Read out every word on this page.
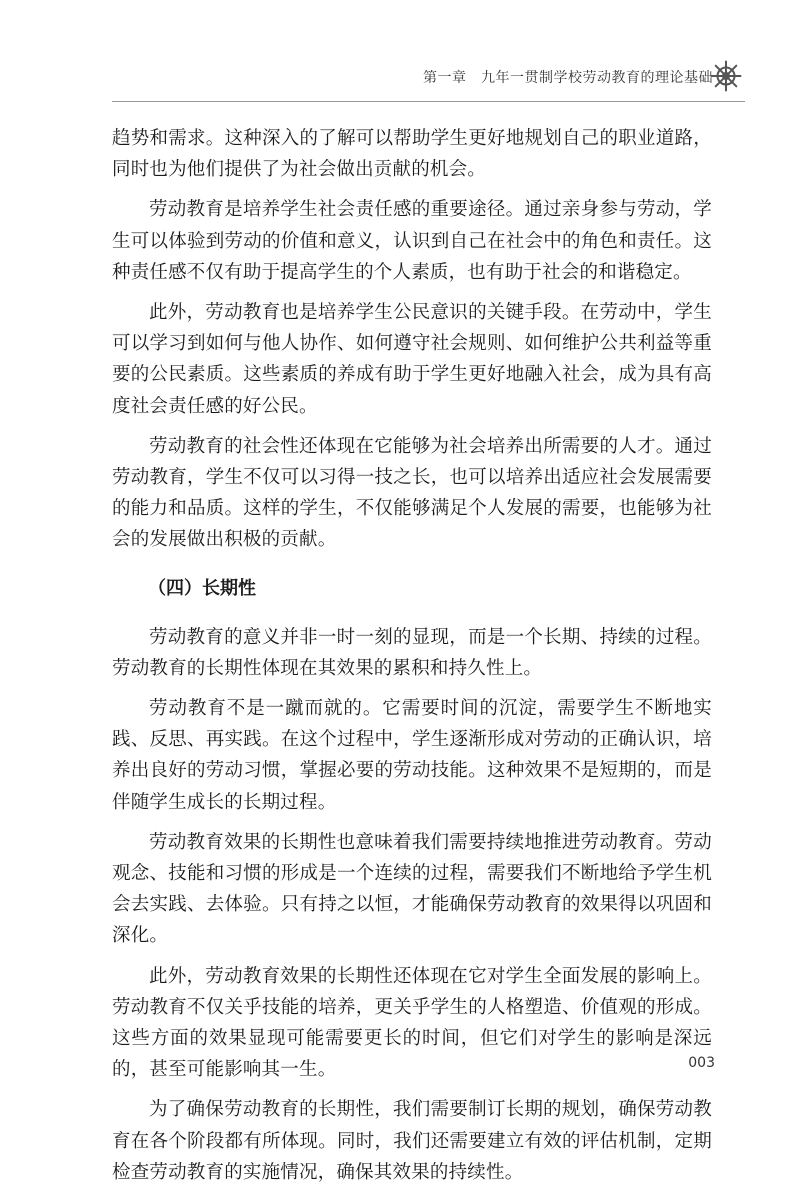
第一章　九年一贯制学校劳动教育的理论基础

趋势和需求。这种深入的了解可以帮助学生更好地规划自己的职业道路，同时也为他们提供了为社会做出贡献的机会。

劳动教育是培养学生社会责任感的重要途径。通过亲身参与劳动，学生可以体验到劳动的价值和意义，认识到自己在社会中的角色和责任。这种责任感不仅有助于提高学生的个人素质，也有助于社会的和谐稳定。

此外，劳动教育也是培养学生公民意识的关键手段。在劳动中，学生可以学习到如何与他人协作、如何遵守社会规则、如何维护公共利益等重要的公民素质。这些素质的养成有助于学生更好地融入社会，成为具有高度社会责任感的好公民。

劳动教育的社会性还体现在它能够为社会培养出所需要的人才。通过劳动教育，学生不仅可以习得一技之长，也可以培养出适应社会发展需要的能力和品质。这样的学生，不仅能够满足个人发展的需要，也能够为社会的发展做出积极的贡献。

（四）长期性

劳动教育的意义并非一时一刻的显现，而是一个长期、持续的过程。劳动教育的长期性体现在其效果的累积和持久性上。

劳动教育不是一蹴而就的。它需要时间的沉淀，需要学生不断地实践、反思、再实践。在这个过程中，学生逐渐形成对劳动的正确认识，培养出良好的劳动习惯，掌握必要的劳动技能。这种效果不是短期的，而是伴随学生成长的长期过程。

劳动教育效果的长期性也意味着我们需要持续地推进劳动教育。劳动观念、技能和习惯的形成是一个连续的过程，需要我们不断地给予学生机会去实践、去体验。只有持之以恒，才能确保劳动教育的效果得以巩固和深化。

此外，劳动教育效果的长期性还体现在它对学生全面发展的影响上。劳动教育不仅关乎技能的培养，更关乎学生的人格塑造、价值观的形成。这些方面的效果显现可能需要更长的时间，但它们对学生的影响是深远的，甚至可能影响其一生。

为了确保劳动教育的长期性，我们需要制订长期的规划，确保劳动教育在各个阶段都有所体现。同时，我们还需要建立有效的评估机制，定期检查劳动教育的实施情况，确保其效果的持续性。

003
